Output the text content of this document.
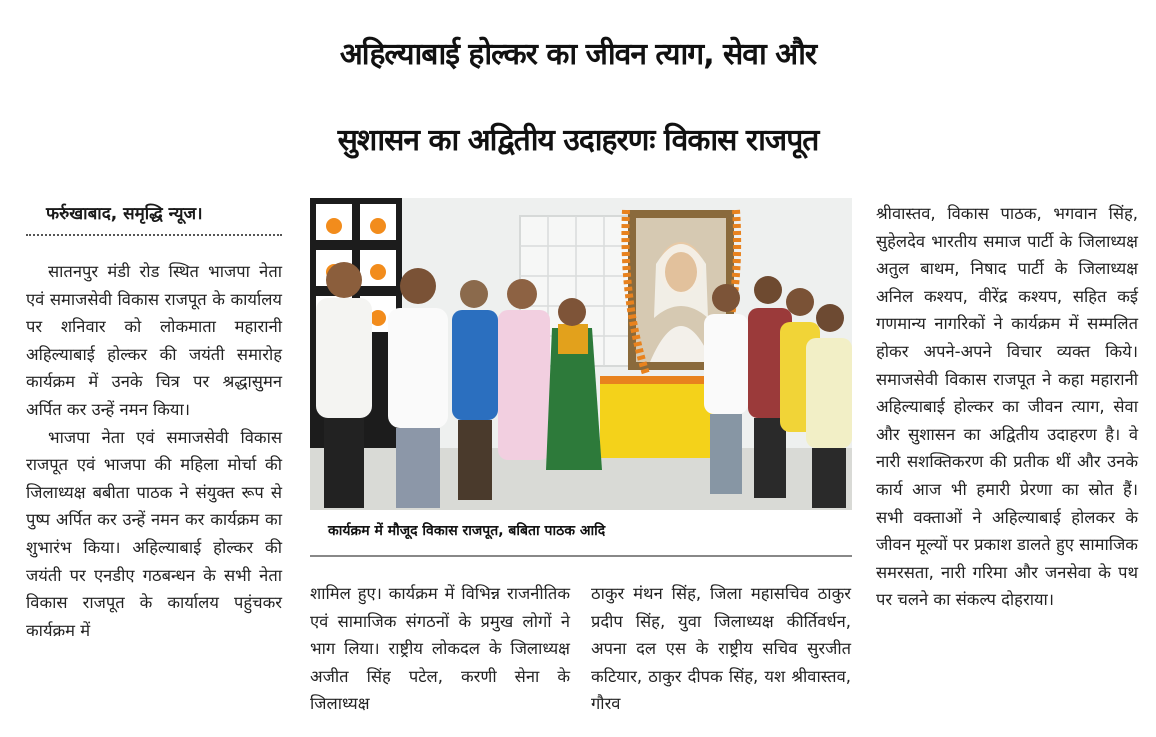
अहिल्याबाई होल्कर का जीवन त्याग, सेवा और
सुशासन का अद्वितीय उदाहरणः विकास राजपूत
फर्रुखाबाद, समृद्धि न्यूज।

सातनपुर मंडी रोड स्थित भाजपा नेता एवं समाजसेवी विकास राजपूत के कार्यालय पर शनिवार को लोकमाता महारानी अहिल्याबाई होल्कर की जयंती समारोह कार्यक्रम में उनके चित्र पर श्रद्धासुमन अर्पित कर उन्हें नमन किया।

भाजपा नेता एवं समाजसेवी विकास राजपूत एवं भाजपा की महिला मोर्चा की जिलाध्यक्ष बबीता पाठक ने संयुक्त रूप से पुष्प अर्पित कर उन्हें नमन कर कार्यक्रम का शुभारंभ किया। अहिल्याबाई होल्कर की जयंती पर एनडीए गठबन्धन के सभी नेता विकास राजपूत के कार्यालय पहुंचकर कार्यक्रम में

कार्यक्रम में मौजूद विकास राजपूत, बबिता पाठक आदि

शामिल हुए। कार्यक्रम में विभिन्न राजनीतिक एवं सामाजिक संगठनों के प्रमुख लोगों ने भाग लिया। राष्ट्रीय लोकदल के जिलाध्यक्ष अजीत सिंह पटेल, करणी सेना के जिलाध्यक्ष

ठाकुर मंथन सिंह, जिला महासचिव ठाकुर प्रदीप सिंह, युवा जिलाध्यक्ष कीर्तिवर्धन, अपना दल एस के राष्ट्रीय सचिव सुरजीत कटियार, ठाकुर दीपक सिंह, यश श्रीवास्तव, गौरव

श्रीवास्तव, विकास पाठक, भगवान सिंह, सुहेलदेव भारतीय समाज पार्टी के जिलाध्यक्ष अतुल बाथम, निषाद पार्टी के जिलाध्यक्ष अनिल कश्यप, वीरेंद्र कश्यप, सहित कई गणमान्य नागरिकों ने कार्यक्रम में सम्मलित होकर अपने-अपने विचार व्यक्त किये। समाजसेवी विकास राजपूत ने कहा महारानी अहिल्याबाई होल्कर का जीवन त्याग, सेवा और सुशासन का अद्वितीय उदाहरण है। वे नारी सशक्तिकरण की प्रतीक थीं और उनके कार्य आज भी हमारी प्रेरणा का स्रोत हैं। सभी वक्ताओं ने अहिल्याबाई होलकर के जीवन मूल्यों पर प्रकाश डालते हुए सामाजिक समरसता, नारी गरिमा और जनसेवा के पथ पर चलने का संकल्प दोहराया।
